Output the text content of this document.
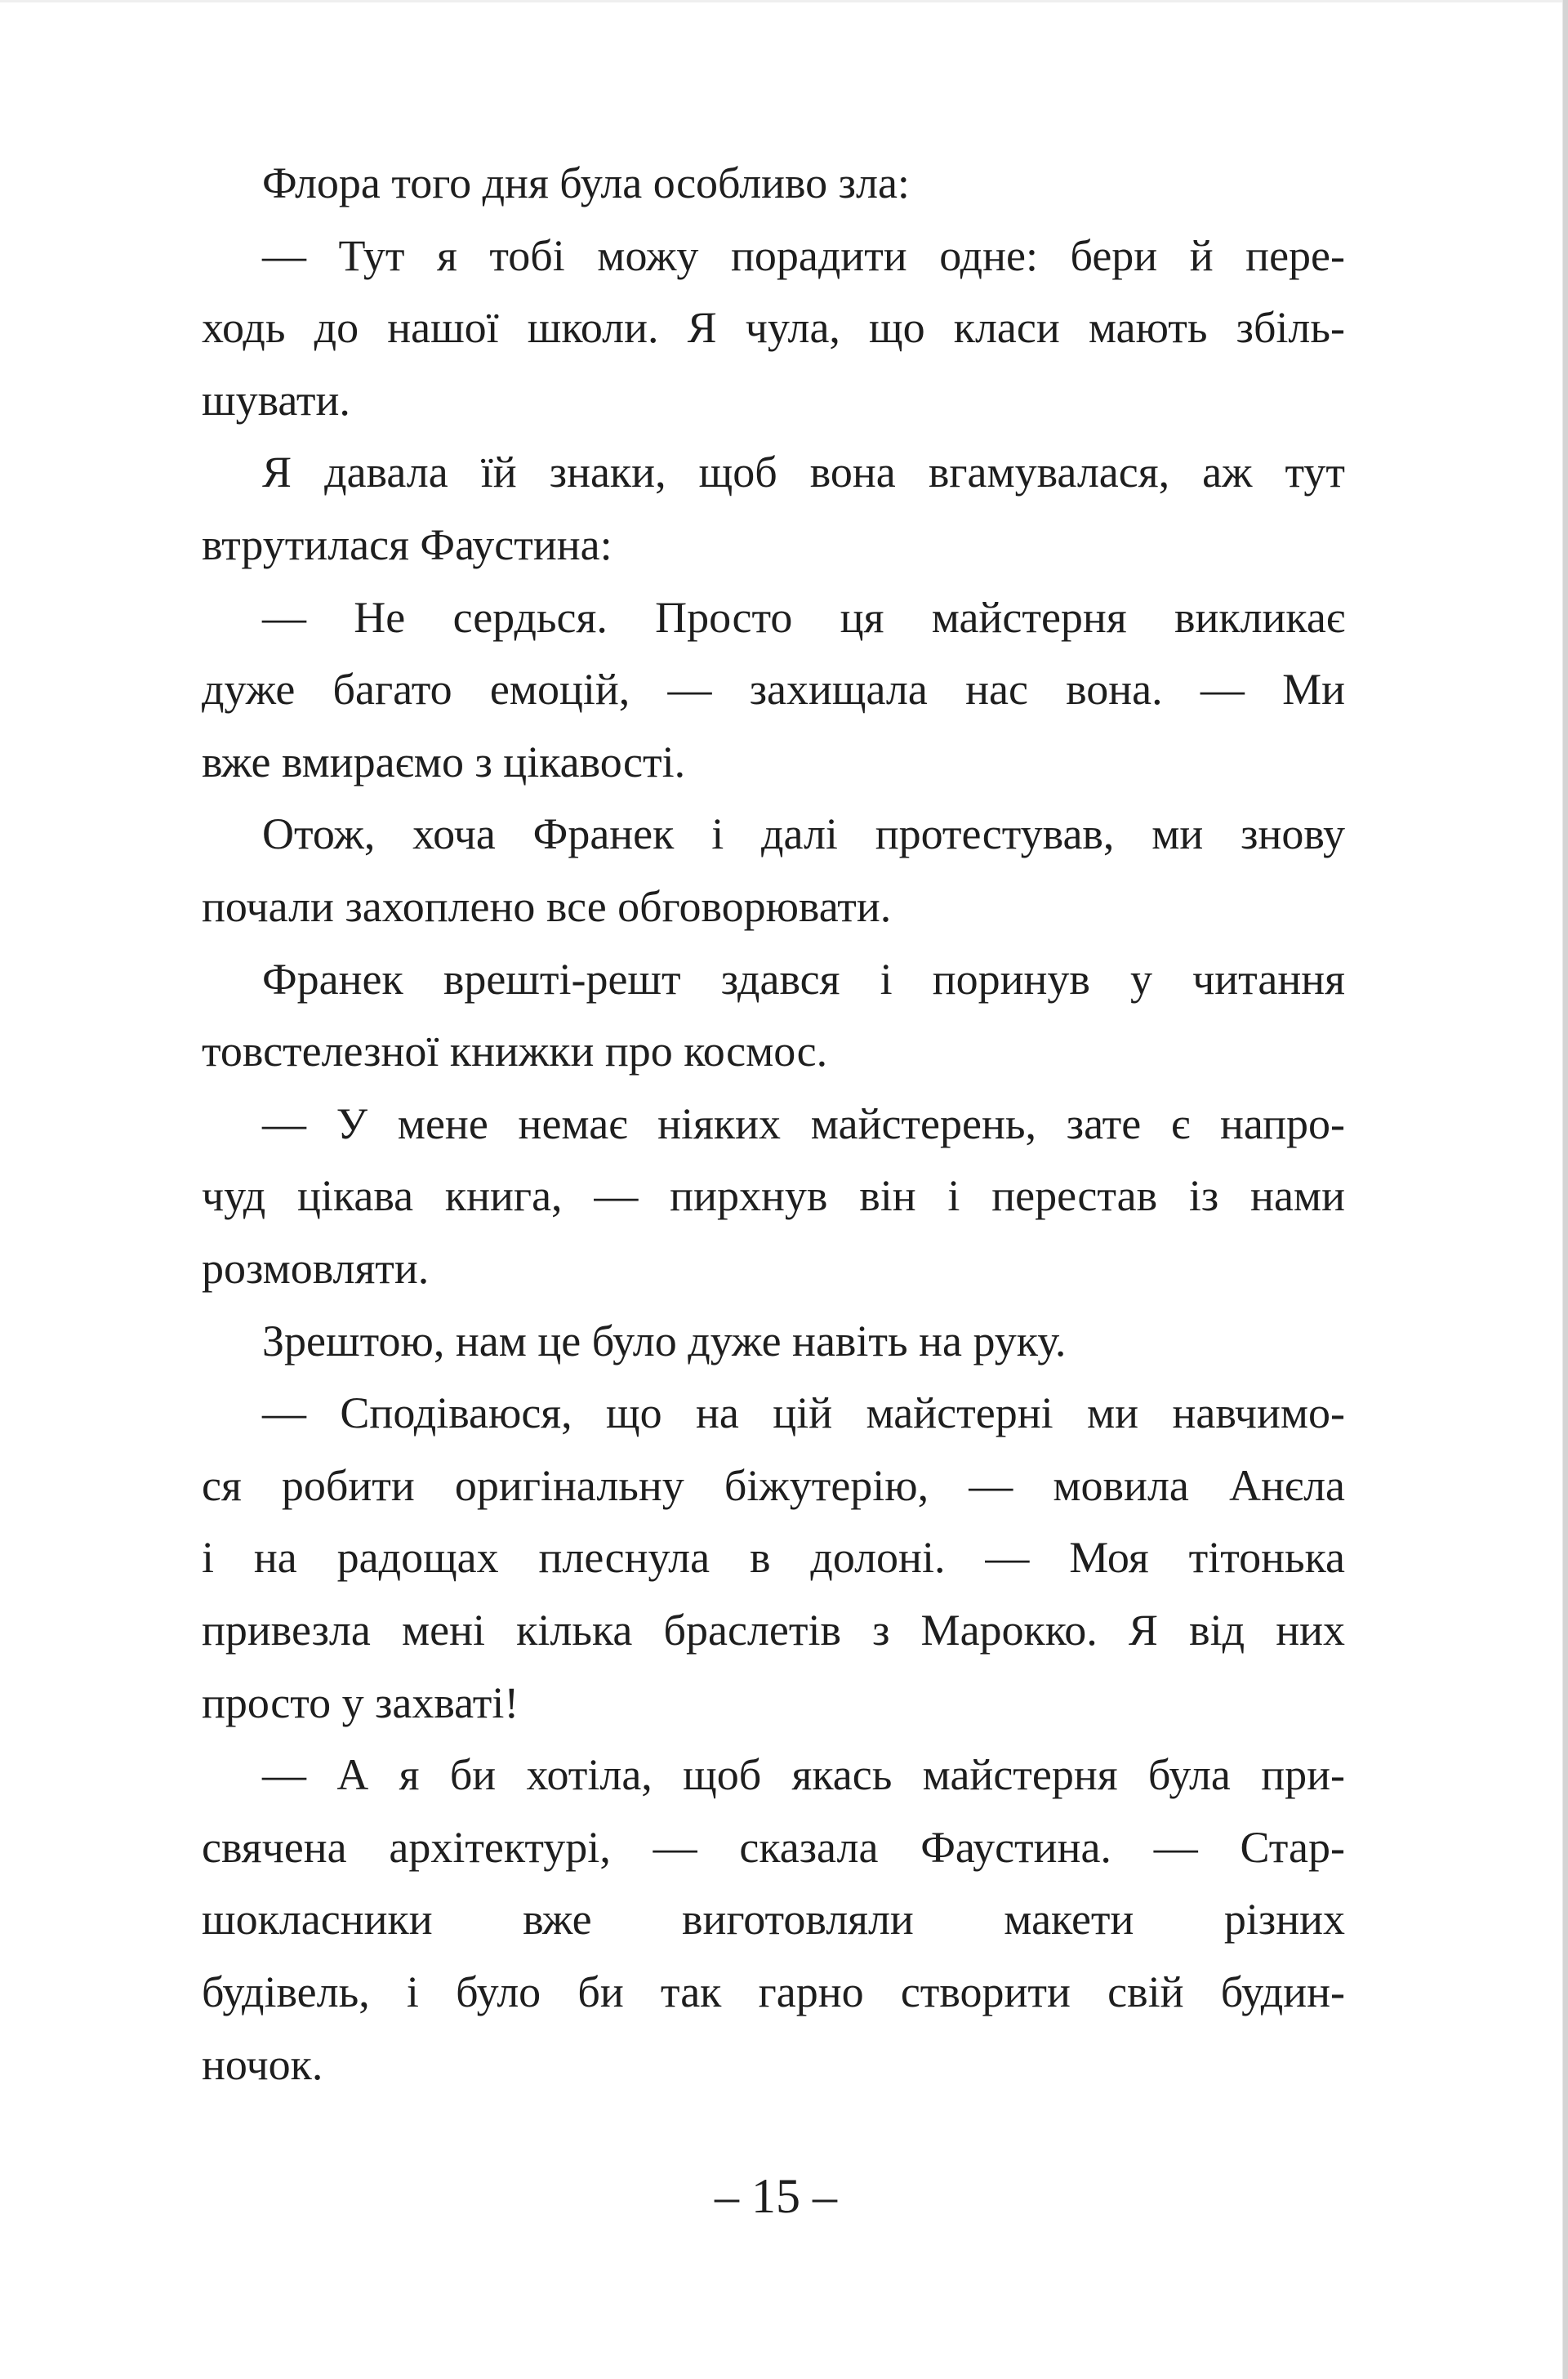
Флора того дня була особливо зла:
— Тут я тобі можу порадити одне: бери й пере-
ходь до нашої школи. Я чула, що класи мають збіль-
шувати.
Я давала їй знаки, щоб вона вгамувалася, аж тут
втрутилася Фаустина:
— Не сердься. Просто ця майстерня викликає
дуже багато емоцій, — захищала нас вона. — Ми
вже вмираємо з цікавості.
Отож, хоча Франек і далі протестував, ми знову
почали захоплено все обговорювати.
Франек врешті-решт здався і поринув у читання
товстелезної книжки про космос.
— У мене немає ніяких майстерень, зате є напро-
чуд цікава книга, — пирхнув він і перестав із нами
розмовляти.
Зрештою, нам це було дуже навіть на руку.
— Сподіваюся, що на цій майстерні ми навчимо-
ся робити оригінальну біжутерію, — мовила Анєла
і на радощах плеснула в долоні. — Моя тітонька
привезла мені кілька браслетів з Марокко. Я від них
просто у захваті!
— А я би хотіла, щоб якась майстерня була при-
свячена архітектурі, — сказала Фаустина. — Стар-
шокласники вже виготовляли макети різних
будівель, і було би так гарно створити свій будин-
ночок.
– 15 –
